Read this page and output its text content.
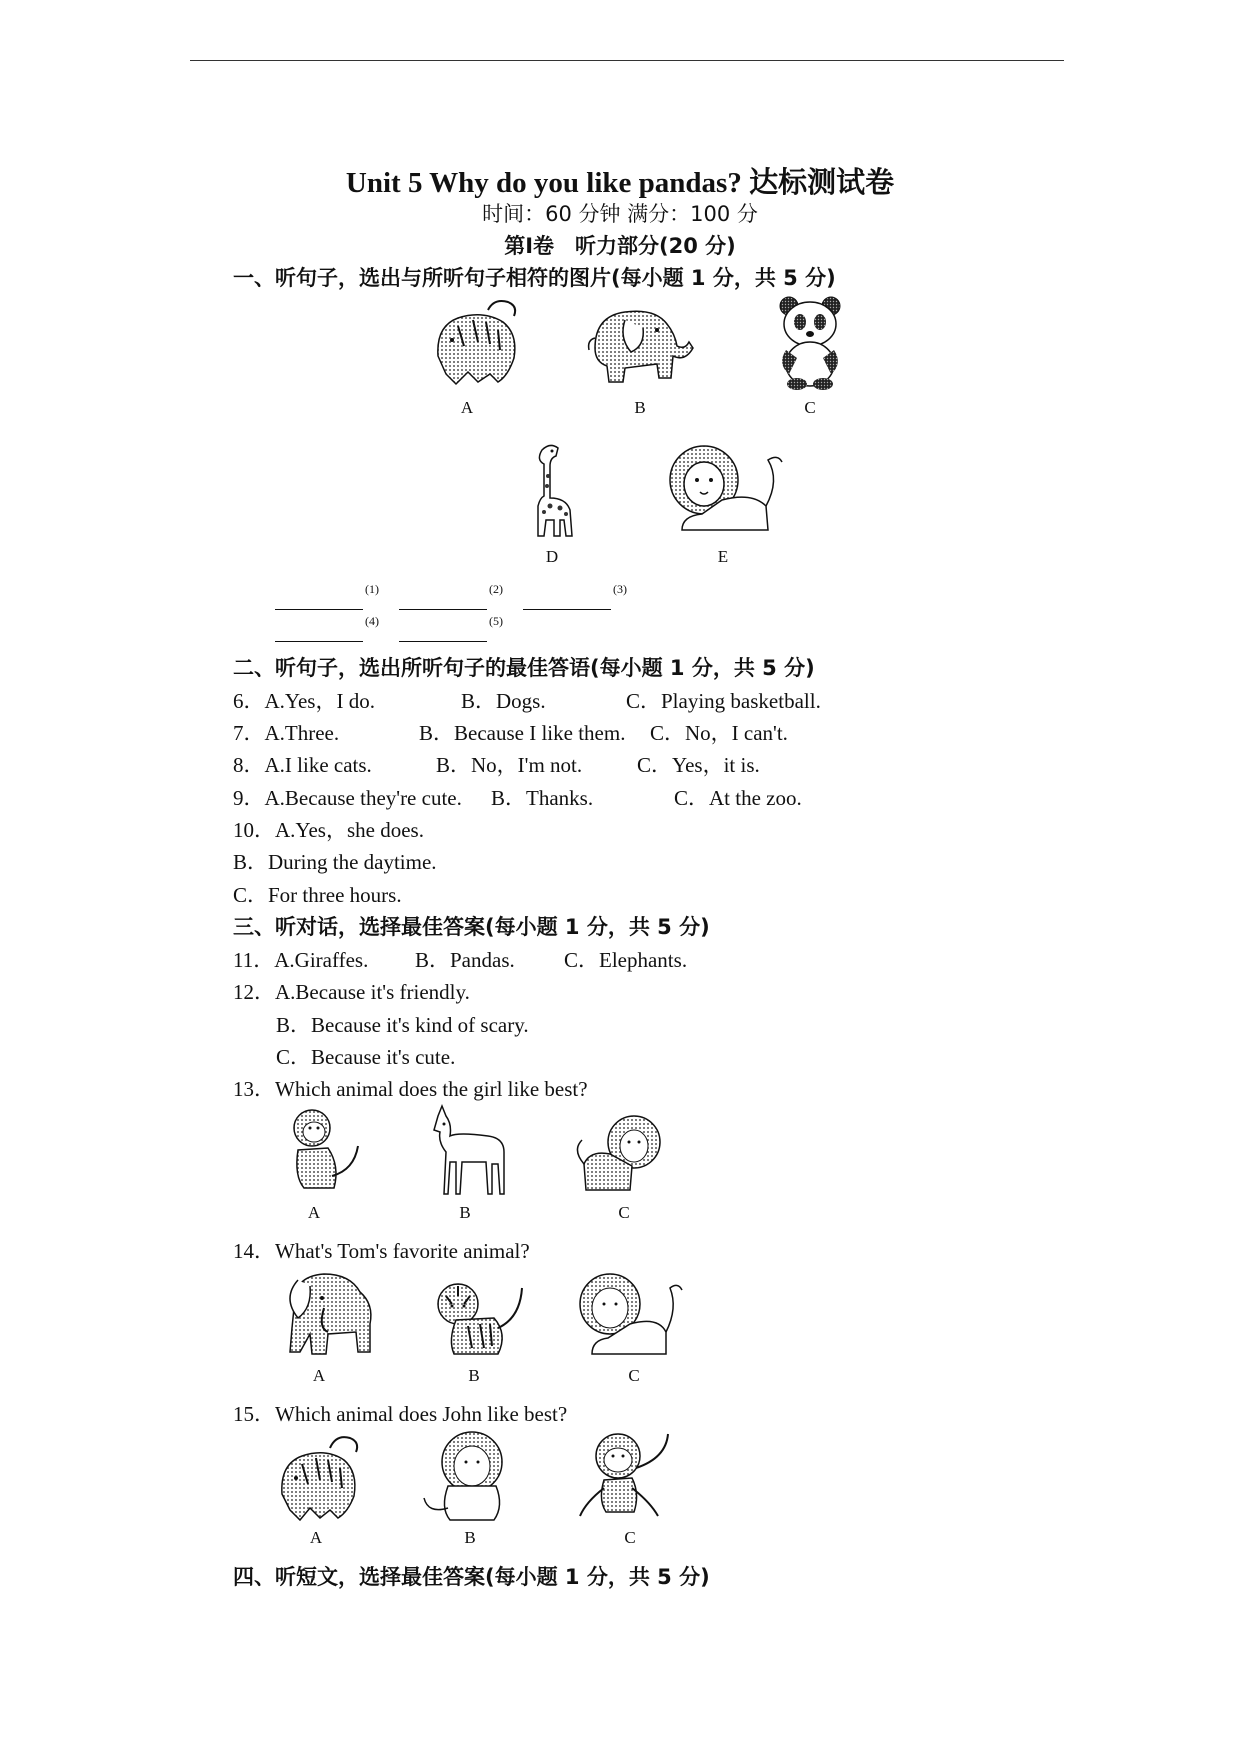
Unit 5 Why do you like pandas? 达标测试卷
时间：60 分钟 满分：100 分
第Ⅰ卷　听力部分(20 分)
一、听句子，选出与所听句子相符的图片(每小题 1 分，共 5 分)
A	B	C
D	E
(1)	(2)	(3)
(4)	(5)
二、听句子，选出所听句子的最佳答语(每小题 1 分，共 5 分)
6．A.Yes，I do.	B．Dogs.	C．Playing basketball.
7．A.Three.	B．Because I like them. C．No，I can't.
8．A.I like cats.	B．No，I'm not.	C．Yes，it is.
9．A.Because they're cute. B．Thanks.	C．At the zoo.
10．A.Yes，she does.
B．During the daytime.
C．For three hours.
三、听对话，选择最佳答案(每小题 1 分，共 5 分)
11．A.Giraffes. B．Pandas. C．Elephants.
12．A.Because it's friendly.
B．Because it's kind of scary.
C．Because it's cute.
13．Which animal does the girl like best?
A	B	C
14．What's Tom's favorite animal?
A	B	C
15．Which animal does John like best?
A	B	C
四、听短文，选择最佳答案(每小题 1 分，共 5 分)
